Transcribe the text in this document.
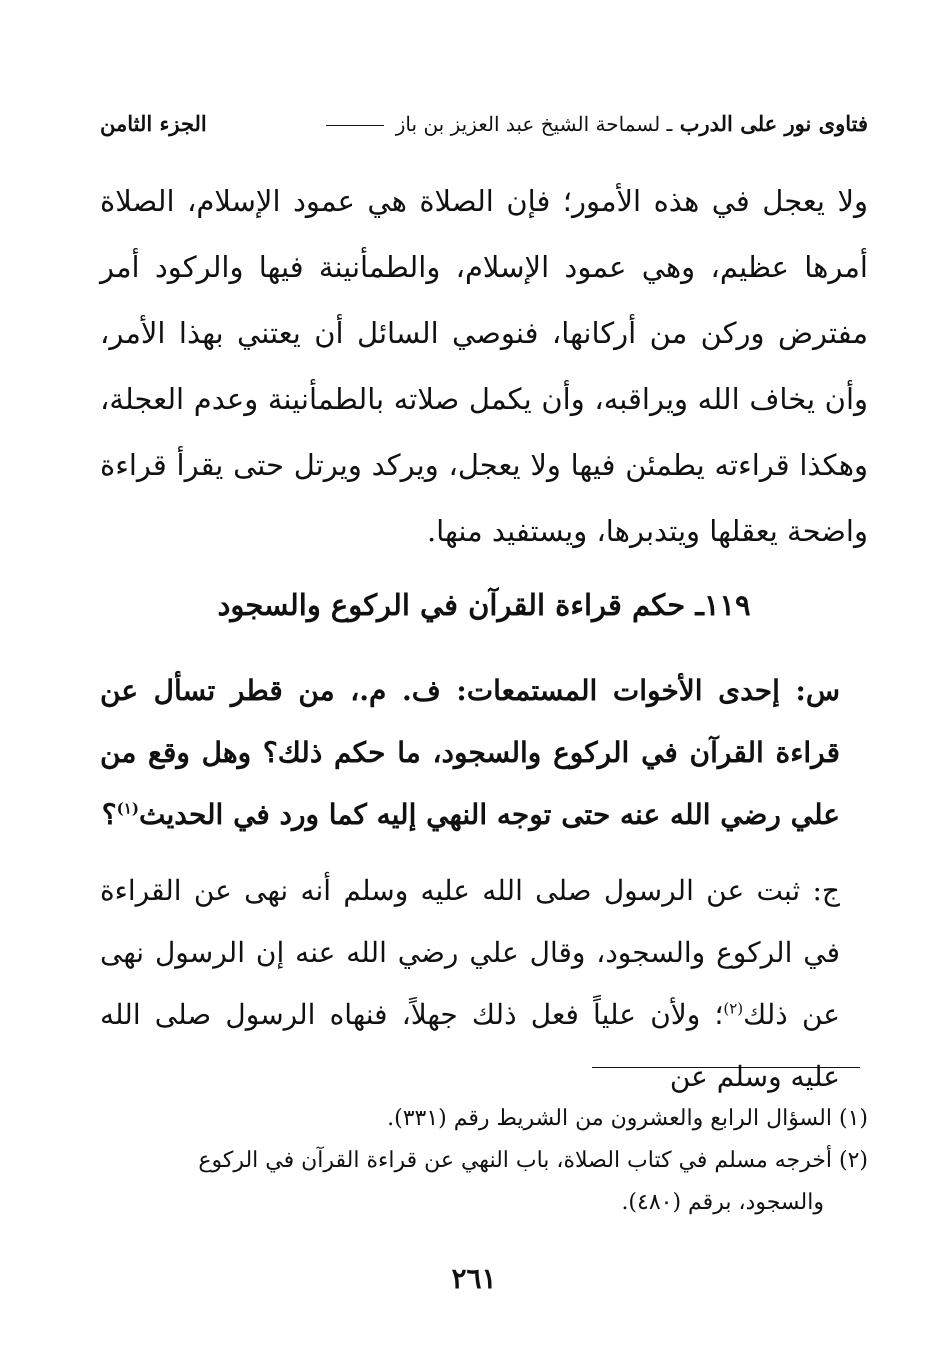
فتاوى نور على الدرب ـ لسماحة الشيخ عبد العزيز بن باز
الجزء الثامن

ولا يعجل في هذه الأمور؛ فإن الصلاة هي عمود الإسلام، الصلاة أمرها عظيم، وهي عمود الإسلام، والطمأنينة فيها والركود أمر مفترض وركن من أركانها، فنوصي السائل أن يعتني بهذا الأمر، وأن يخاف الله ويراقبه، وأن يكمل صلاته بالطمأنينة وعدم العجلة، وهكذا قراءته يطمئن فيها ولا يعجل، ويركد ويرتل حتى يقرأ قراءة واضحة يعقلها ويتدبرها، ويستفيد منها.

١١٩ـ حكم قراءة القرآن في الركوع والسجود
س: إحدى الأخوات المستمعات: ف. م.، من قطر تسأل عن قراءة القرآن في الركوع والسجود، ما حكم ذلك؟ وهل وقع من علي رضي الله عنه حتى توجه النهي إليه كما ورد في الحديث$^{(١)}$؟
ج: ثبت عن الرسول صلى الله عليه وسلم أنه نهى عن القراءة في الركوع والسجود، وقال علي رضي الله عنه إن الرسول نهى عن ذلك$^{(٢)}$؛ ولأن علياً فعل ذلك جهلاً، فنهاه الرسول صلى الله عليه وسلم عن
(١) السؤال الرابع والعشرون من الشريط رقم (٣٣١).
(٢) أخرجه مسلم في كتاب الصلاة، باب النهي عن قراءة القرآن في الركوع
والسجود، برقم (٤٨٠).
٢٦١
